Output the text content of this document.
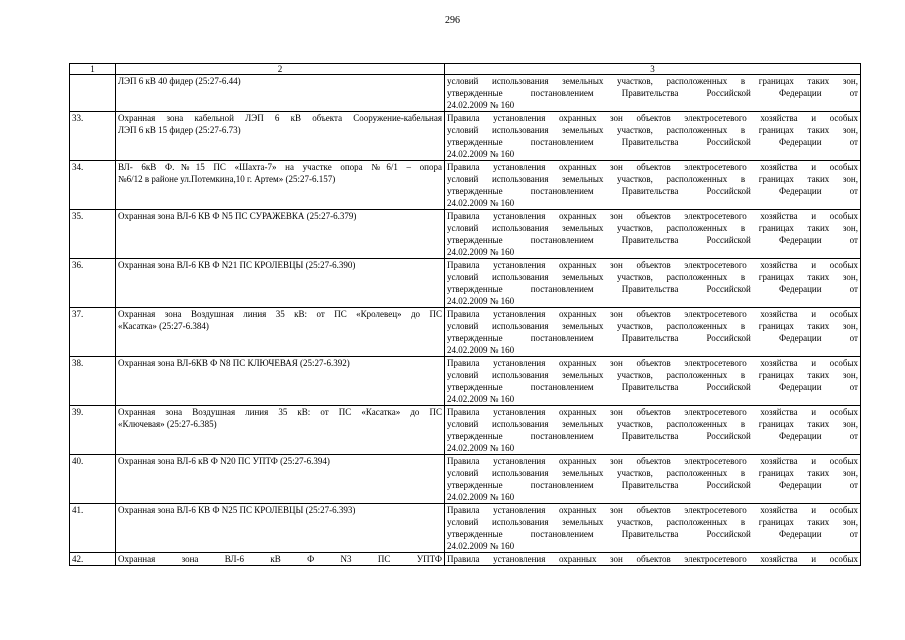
296
1	2	3

	ЛЭП 6 кВ 40 фидер (25:27-6.44)	условий использования земельных участков, расположенных в границах таких зон,
утвержденные постановлением Правительства Российской Федерации от
24.02.2009 № 160

33.	Охранная зона кабельной ЛЭП 6 кВ объекта Сооружение-кабельная
ЛЭП 6 кВ 15 фидер (25:27-6.73)	Правила установления охранных зон объектов электросетевого хозяйства и особых
условий использования земельных участков, расположенных в границах таких зон,
утвержденные постановлением Правительства Российской Федерации от
24.02.2009 № 160

34.	ВЛ- 6кВ Ф.№15 ПС «Шахта-7» на участке опора №6/1 – опора
№6/12 в районе ул.Потемкина,10 г. Артем» (25:27-6.157)	Правила установления охранных зон объектов электросетевого хозяйства и особых
условий использования земельных участков, расположенных в границах таких зон,
утвержденные постановлением Правительства Российской Федерации от
24.02.2009 № 160

35.	Охранная зона ВЛ-6 КВ Ф N5 ПС СУРАЖЕВКА (25:27-6.379)	Правила установления охранных зон объектов электросетевого хозяйства и особых
условий использования земельных участков, расположенных в границах таких зон,
утвержденные постановлением Правительства Российской Федерации от
24.02.2009 № 160

36.	Охранная зона ВЛ-6 КВ Ф N21 ПС КРОЛЕВЦЫ (25:27-6.390)	Правила установления охранных зон объектов электросетевого хозяйства и особых
условий использования земельных участков, расположенных в границах таких зон,
утвержденные постановлением Правительства Российской Федерации от
24.02.2009 № 160

37.	Охранная зона Воздушная линия 35 кВ: от ПС «Кролевец» до ПС
«Касатка» (25:27-6.384)	Правила установления охранных зон объектов электросетевого хозяйства и особых
условий использования земельных участков, расположенных в границах таких зон,
утвержденные постановлением Правительства Российской Федерации от
24.02.2009 № 160

38.	Охранная зона ВЛ-6КВ Ф N8 ПС КЛЮЧЕВАЯ (25:27-6.392)	Правила установления охранных зон объектов электросетевого хозяйства и особых
условий использования земельных участков, расположенных в границах таких зон,
утвержденные постановлением Правительства Российской Федерации от
24.02.2009 № 160

39.	Охранная зона Воздушная линия 35 кВ: от ПС «Касатка» до ПС
«Ключевая» (25:27-6.385)	Правила установления охранных зон объектов электросетевого хозяйства и особых
условий использования земельных участков, расположенных в границах таких зон,
утвержденные постановлением Правительства Российской Федерации от
24.02.2009 № 160

40.	Охранная зона ВЛ-6 кВ Ф N20 ПС УПТФ (25:27-6.394)	Правила установления охранных зон объектов электросетевого хозяйства и особых
условий использования земельных участков, расположенных в границах таких зон,
утвержденные постановлением Правительства Российской Федерации от
24.02.2009 № 160

41.	Охранная зона ВЛ-6 КВ Ф N25 ПС КРОЛЕВЦЫ (25:27-6.393)	Правила установления охранных зон объектов электросетевого хозяйства и особых
условий использования земельных участков, расположенных в границах таких зон,
утвержденные постановлением Правительства Российской Федерации от
24.02.2009 № 160

42.	Охранная зона ВЛ-6 кВ Ф N3 ПС УПТФ	Правила установления охранных зон объектов электросетевого хозяйства и особых
